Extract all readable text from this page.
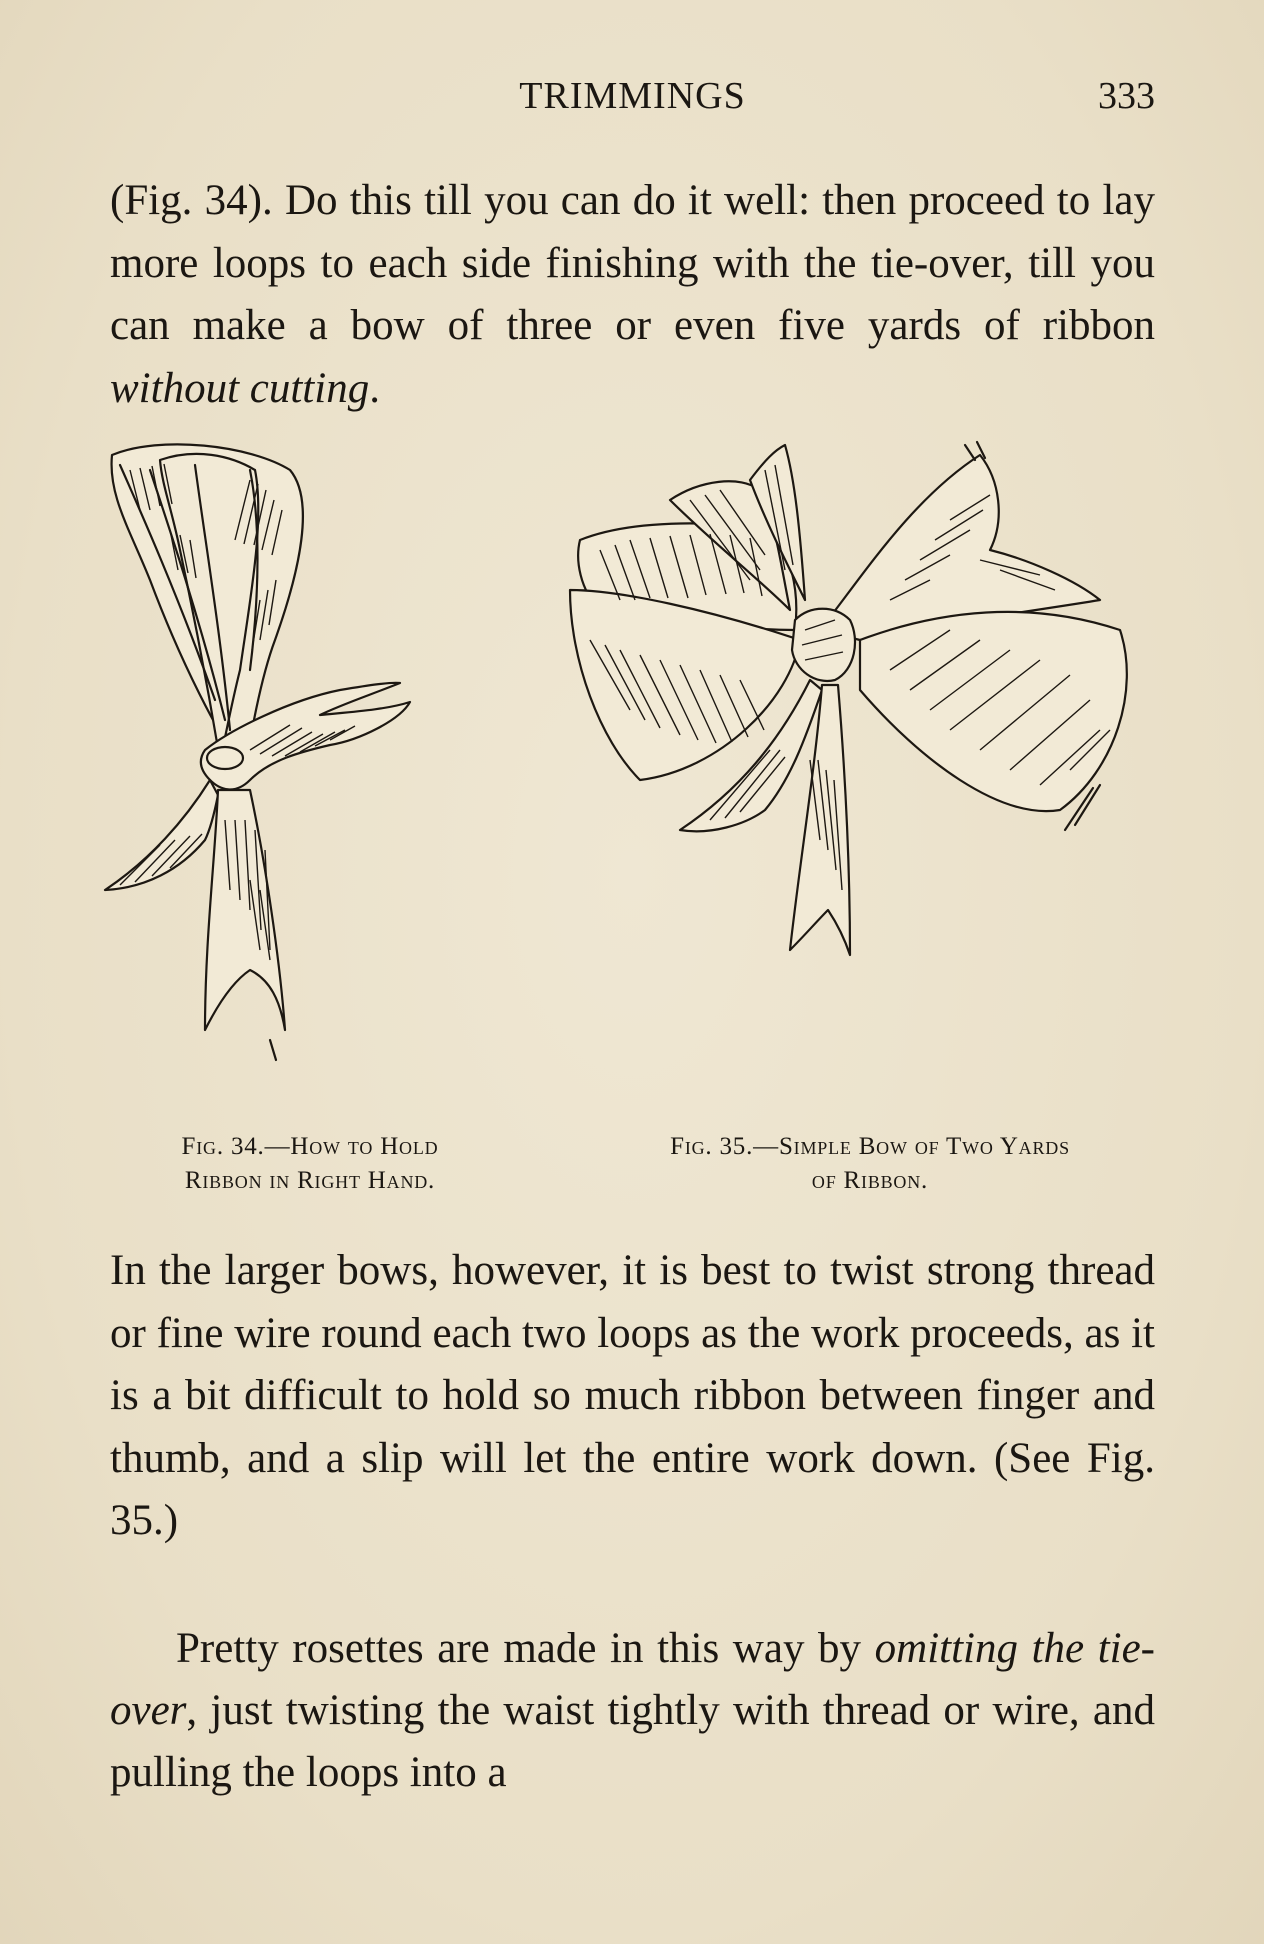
TRIMMINGS	333

(Fig. 34). Do this till you can do it well: then proceed to lay more loops to each side finishing with the tie-over, till you can make a bow of three or even five yards of ribbon without cutting.

Fig. 34.—How to Hold
Ribbon in Right Hand.
Fig. 35.—Simple Bow of Two Yards
of Ribbon.

In the larger bows, however, it is best to twist strong thread or fine wire round each two loops as the work proceeds, as it is a bit difficult to hold so much ribbon between finger and thumb, and a slip will let the entire work down. (See Fig. 35.)

Pretty rosettes are made in this way by omitting the tie-over, just twisting the waist tightly with thread or wire, and pulling the loops into a
